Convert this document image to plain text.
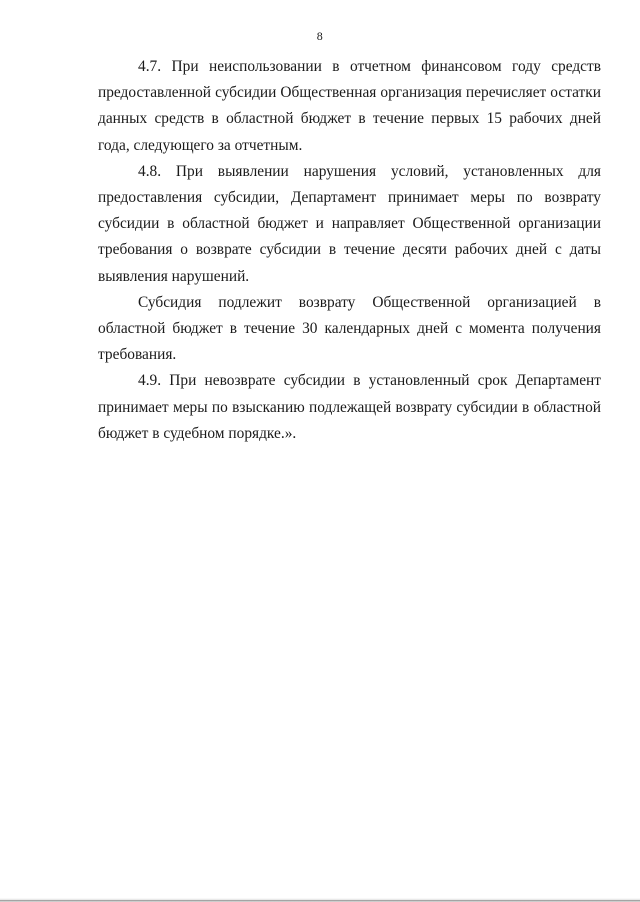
8

4.7. При неиспользовании в отчетном финансовом году средств предоставленной субсидии Общественная организация перечисляет остатки данных средств в областной бюджет в течение первых 15 рабочих дней года, следующего за отчетным.

4.8. При выявлении нарушения условий, установленных для предоставления субсидии, Департамент принимает меры по возврату субсидии в областной бюджет и направляет Общественной организации требования о возврате субсидии в течение десяти рабочих дней с даты выявления нарушений.

Субсидия подлежит возврату Общественной организацией в областной бюджет в течение 30 календарных дней с момента получения требования.

4.9. При невозврате субсидии в установленный срок Департамент принимает меры по взысканию подлежащей возврату субсидии в областной бюджет в судебном порядке.».
